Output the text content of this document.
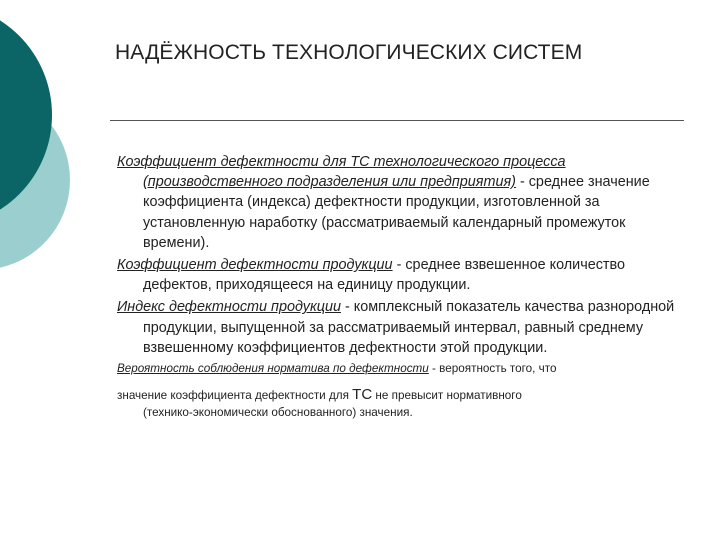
НАДЁЖНОСТЬ ТЕХНОЛОГИЧЕСКИХ СИСТЕМ

Коэффициент дефектности для ТС технологического процесса (производственного подразделения или предприятия) - среднее значение коэффициента (индекса) дефектности продукции, изготовленной за установленную наработку (рассматриваемый календарный промежуток времени).

Коэффициент дефектности продукции - среднее взвешенное количество дефектов, приходящееся на единицу продукции.

Индекс дефектности продукции - комплексный показатель качества разнородной продукции, выпущенной за рассматриваемый интервал, равный среднему взвешенному коэффициентов дефектности этой продукции.

Вероятность соблюдения норматива по дефектности - вероятность того, что

значение коэффициента дефектности для ТС не превысит нормативного
(технико-экономически обоснованного) значения.
